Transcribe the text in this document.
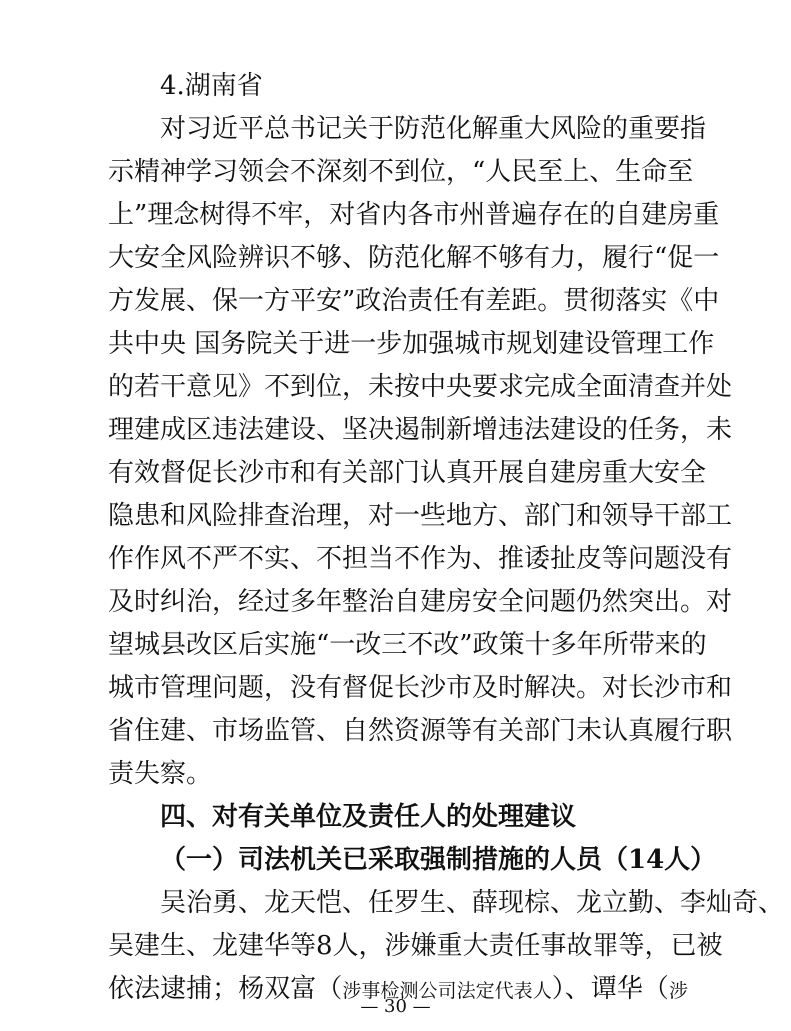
4.湖南省
对习近平总书记关于防范化解重大风险的重要指
示精神学习领会不深刻不到位，“人民至上、生命至
上”理念树得不牢，对省内各市州普遍存在的自建房重
大安全风险辨识不够、防范化解不够有力，履行“促一
方发展、保一方平安”政治责任有差距。贯彻落实《中
共中央 国务院关于进一步加强城市规划建设管理工作
的若干意见》不到位，未按中央要求完成全面清查并处
理建成区违法建设、坚决遏制新增违法建设的任务，未
有效督促长沙市和有关部门认真开展自建房重大安全
隐患和风险排查治理，对一些地方、部门和领导干部工
作作风不严不实、不担当不作为、推诿扯皮等问题没有
及时纠治，经过多年整治自建房安全问题仍然突出。对
望城县改区后实施“一改三不改”政策十多年所带来的
城市管理问题，没有督促长沙市及时解决。对长沙市和
省住建、市场监管、自然资源等有关部门未认真履行职
责失察。
四、对有关单位及责任人的处理建议
（一）司法机关已采取强制措施的人员（14人）
吴治勇、龙天恺、任罗生、薛现棕、龙立勤、李灿奇、
吴建生、龙建华等8人，涉嫌重大责任事故罪等，已被
依法逮捕；杨双富（涉事检测公司法定代表人）、谭华（涉
— 30 —
